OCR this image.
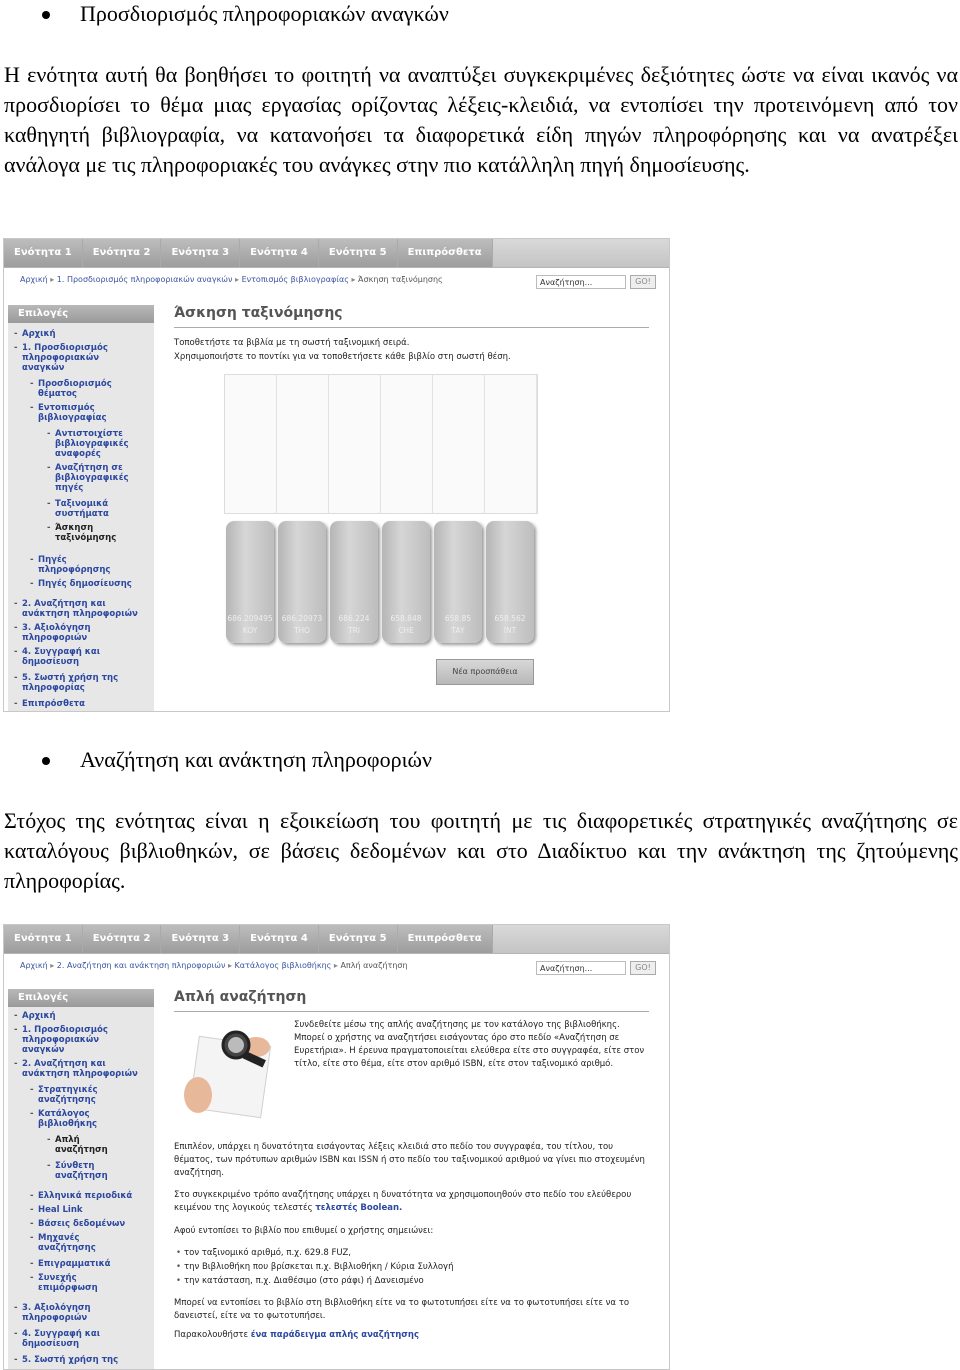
Προσδιορισμός πληροφοριακών αναγκών

Η ενότητα αυτή θα βοηθήσει το φοιτητή να αναπτύξει συγκεκριμένες δεξιότητες ώστε να είναι ικανός να προσδιορίσει το θέμα μιας εργασίας ορίζοντας λέξεις-κλειδιά, να εντοπίσει την προτεινόμενη από τον καθηγητή βιβλιογραφία, να κατανοήσει τα διαφορετικά είδη πηγών πληροφόρησης και να ανατρέξει ανάλογα με τις πληροφοριακές του ανάγκες στην πιο κατάλληλη πηγή δημοσίευσης.

Ενότητα 1	Ενότητα 2	Ενότητα 3	Ενότητα 4	Ενότητα 5	Επιπρόσθετα
Αρχική ▸ 1. Προσδιορισμός πληροφοριακών αναγκών ▸ Εντοπισμός βιβλιογραφίας ▸ Άσκηση ταξινόμησης	Αναζήτηση...	GO!
Επιλογές
- Αρχική
- 1. Προσδιορισμός πληροφοριακών αναγκών
- Προσδιορισμός θέματος
- Εντοπισμός βιβλιογραφίας
- Αντιστοιχίστε βιβλιογραφικές αναφορές
- Αναζήτηση σε βιβλιογραφικές πηγές
- Ταξινομικά συστήματα
- Άσκηση ταξινόμησης
- Πηγές πληροφόρησης
- Πηγές δημοσίευσης
- 2. Αναζήτηση και ανάκτηση πληροφοριών
- 3. Αξιολόγηση πληροφοριών
- 4. Συγγραφή και δημοσίευση
- 5. Σωστή χρήση της πληροφορίας
- Επιπρόσθετα
Άσκηση ταξινόμησης
Τοποθετήστε τα βιβλία με τη σωστή ταξινομική σειρά.
Χρησιμοποιήστε το ποντίκι για να τοποθετήσετε κάθε βιβλίο στη σωστή θέση.
686.209495
KOY
686.20973
THO
686.224
TRI
658.848
CHE
658.85
TAY
658.562
INT
Νέα προσπάθεια
Αναζήτηση και ανάκτηση πληροφοριών

Στόχος της ενότητας είναι η εξοικείωση του φοιτητή με τις διαφορετικές στρατηγικές αναζήτησης σε καταλόγους βιβλιοθηκών, σε βάσεις δεδομένων και στο Διαδίκτυο και την ανάκτηση της ζητούμενης πληροφορίας.

Ενότητα 1	Ενότητα 2	Ενότητα 3	Ενότητα 4	Ενότητα 5	Επιπρόσθετα
Αρχική ▸ 2. Αναζήτηση και ανάκτηση πληροφοριών ▸ Κατάλογος βιβλιοθήκης ▸ Απλή αναζήτηση	Αναζήτηση...	GO!
Επιλογές
- Αρχική
- 1. Προσδιορισμός πληροφοριακών αναγκών
- 2. Αναζήτηση και ανάκτηση πληροφοριών
- Στρατηγικές αναζήτησης
- Κατάλογος βιβλιοθήκης
- Απλή αναζήτηση
- Σύνθετη αναζήτηση
- Ελληνικά περιοδικά
- Heal Link
- Βάσεις δεδομένων
- Μηχανές αναζήτησης
- Επιγραμματικά
- Συνεχής επιμόρφωση
- 3. Αξιολόγηση πληροφοριών
- 4. Συγγραφή και δημοσίευση
- 5. Σωστή χρήση της
Απλή αναζήτηση
Συνδεθείτε μέσω της απλής αναζήτησης με τον κατάλογο της βιβλιοθήκης. Μπορεί ο χρήστης να αναζητήσει εισάγοντας όρο στο πεδίο «Αναζήτηση σε Ευρετήρια». Η έρευνα πραγματοποιείται ελεύθερα είτε στο συγγραφέα, είτε στον τίτλο, είτε στο θέμα, είτε στον αριθμό ISBN, είτε στον ταξινομικό αριθμό.
Επιπλέον, υπάρχει η δυνατότητα εισάγοντας λέξεις κλειδιά στο πεδίο του συγγραφέα, του τίτλου, του θέματος, των πρότυπων αριθμών ISBN και ISSN ή στο πεδίο του ταξινομικού αριθμού να γίνει πιο στοχευμένη αναζήτηση.
Στο συγκεκριμένο τρόπο αναζήτησης υπάρχει η δυνατότητα να χρησιμοποιηθούν στο πεδίο του ελεύθερου κειμένου της λογικούς τελεστές τελεστές Boolean.
Αφού εντοπίσει το βιβλίο που επιθυμεί ο χρήστης σημειώνει:
• τον ταξινομικό αριθμό, π.χ. 629.8 FUZ,
• την Βιβλιοθήκη που βρίσκεται π.χ. Βιβλιοθήκη / Κύρια Συλλογή
• την κατάσταση, π.χ. Διαθέσιμο (στο ράφι) ή Δανεισμένο
Μπορεί να εντοπίσει το βιβλίο στη Βιβλιοθήκη είτε να το φωτοτυπήσει είτε να το φωτοτυπήσει είτε να το δανειστεί, είτε να το φωτοτυπήσει.
Παρακολουθήστε ένα παράδειγμα απλής αναζήτησης
